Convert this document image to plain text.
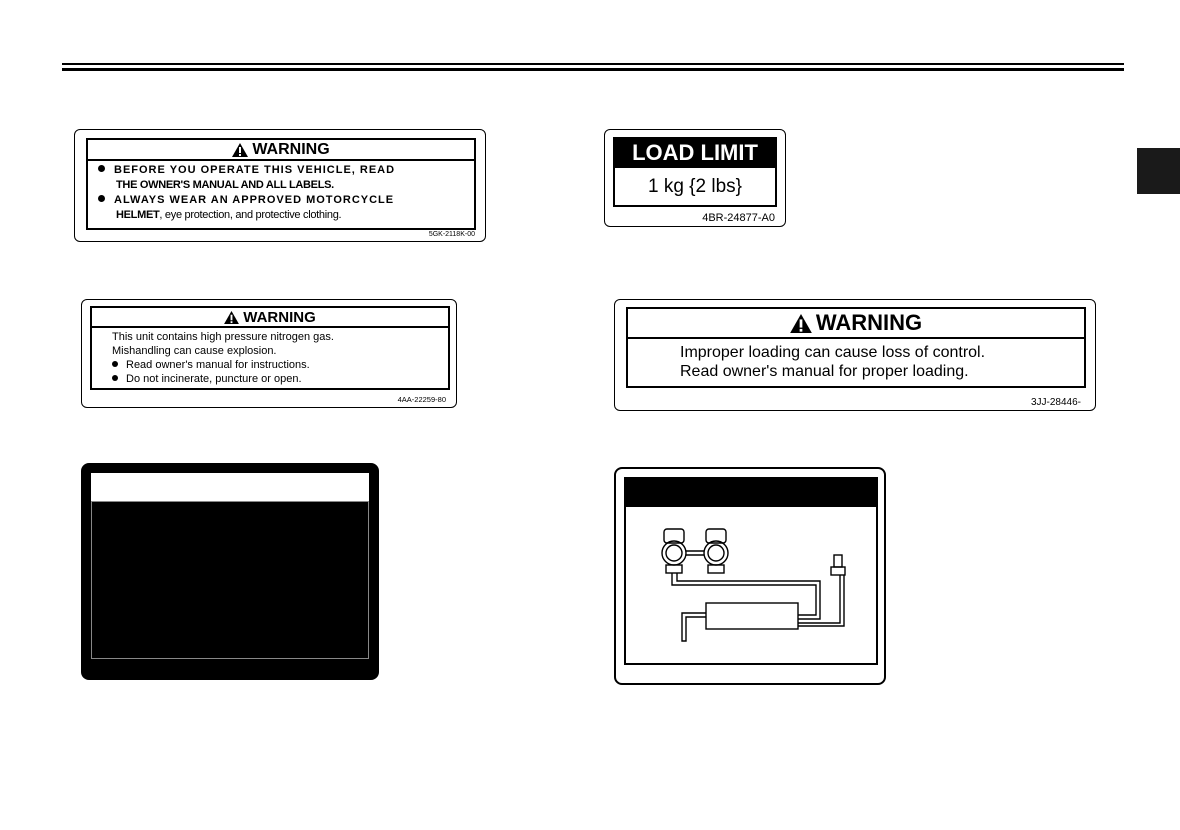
WARNING
BEFORE YOU OPERATE THIS VEHICLE, READ
THE OWNER'S MANUAL AND ALL LABELS.
ALWAYS WEAR AN APPROVED MOTORCYCLE
HELMET, eye protection, and protective clothing.
5GK-2118K-00
LOAD LIMIT
1 kg {2 lbs}
4BR-24877-A0
WARNING
This unit contains high pressure nitrogen gas.
Mishandling can cause explosion.
Read owner's manual for instructions.
Do not incinerate, puncture or open.
4AA-22259-80
WARNING
Improper loading can cause loss of control.
Read owner's manual for proper loading.
3JJ-28446-
